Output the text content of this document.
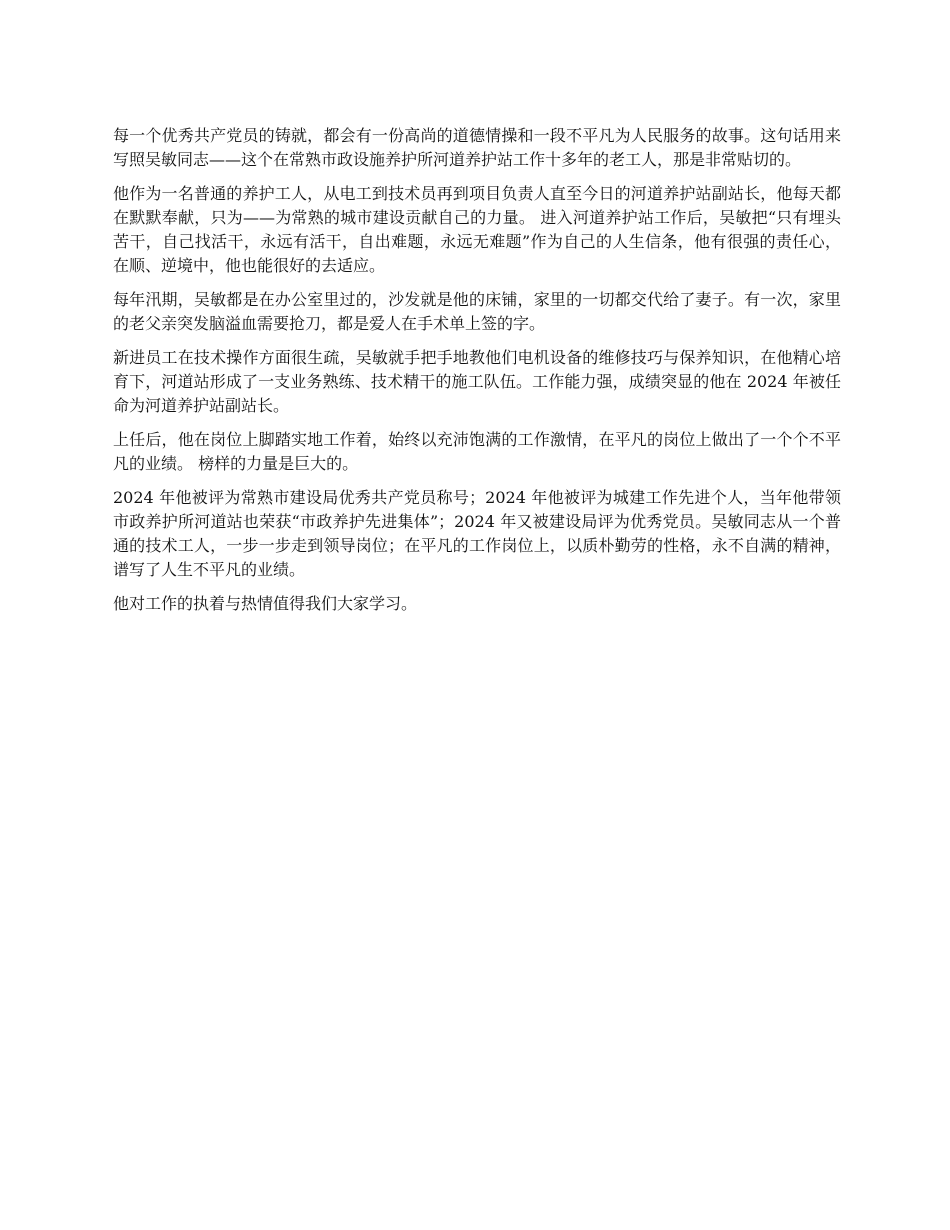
每一个优秀共产党员的铸就，都会有一份高尚的道德情操和一段不平凡为人民服务的故事。这句话用来写照吴敏同志——这个在常熟市政设施养护所河道养护站工作十多年的老工人，那是非常贴切的。

他作为一名普通的养护工人，从电工到技术员再到项目负责人直至今日的河道养护站副站长，他每天都在默默奉献，只为——为常熟的城市建设贡献自己的力量。 进入河道养护站工作后，吴敏把“只有埋头苦干，自己找活干，永远有活干，自出难题，永远无难题”作为自己的人生信条，他有很强的责任心，在顺、逆境中，他也能很好的去适应。

每年汛期，吴敏都是在办公室里过的，沙发就是他的床铺，家里的一切都交代给了妻子。有一次，家里的老父亲突发脑溢血需要抢刀，都是爱人在手术单上签的字。

新进员工在技术操作方面很生疏，吴敏就手把手地教他们电机设备的维修技巧与保养知识，在他精心培育下，河道站形成了一支业务熟练、技术精干的施工队伍。工作能力强，成绩突显的他在 2024 年被任命为河道养护站副站长。

上任后，他在岗位上脚踏实地工作着，始终以充沛饱满的工作激情，在平凡的岗位上做出了一个个不平凡的业绩。 榜样的力量是巨大的。

2024 年他被评为常熟市建设局优秀共产党员称号；2024 年他被评为城建工作先进个人，当年他带领市政养护所河道站也荣获“市政养护先进集体”；2024 年又被建设局评为优秀党员。吴敏同志从一个普通的技术工人，一步一步走到领导岗位；在平凡的工作岗位上，以质朴勤劳的性格，永不自满的精神，谱写了人生不平凡的业绩。

他对工作的执着与热情值得我们大家学习。
